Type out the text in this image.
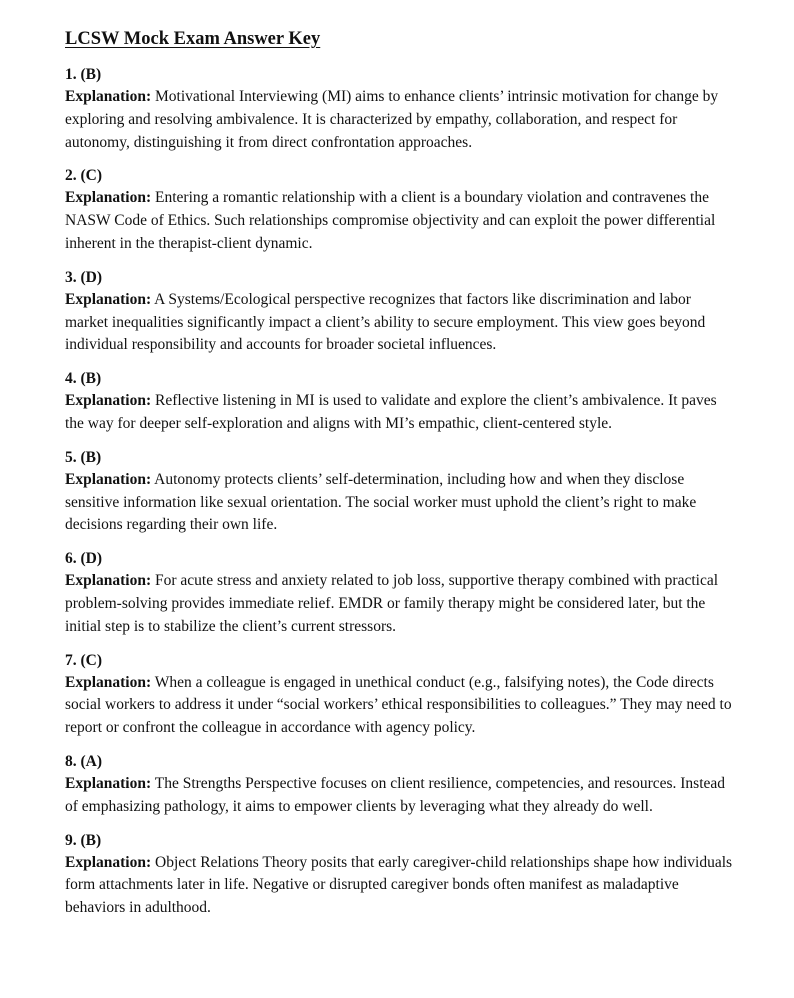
LCSW Mock Exam Answer Key

1. (B)

Explanation: Motivational Interviewing (MI) aims to enhance clients’ intrinsic motivation for change by exploring and resolving ambivalence. It is characterized by empathy, collaboration, and respect for autonomy, distinguishing it from direct confrontation approaches.

2. (C)

Explanation: Entering a romantic relationship with a client is a boundary violation and contravenes the NASW Code of Ethics. Such relationships compromise objectivity and can exploit the power differential inherent in the therapist-client dynamic.

3. (D)

Explanation: A Systems/Ecological perspective recognizes that factors like discrimination and labor market inequalities significantly impact a client’s ability to secure employment. This view goes beyond individual responsibility and accounts for broader societal influences.

4. (B)

Explanation: Reflective listening in MI is used to validate and explore the client’s ambivalence. It paves the way for deeper self-exploration and aligns with MI’s empathic, client-centered style.

5. (B)

Explanation: Autonomy protects clients’ self-determination, including how and when they disclose sensitive information like sexual orientation. The social worker must uphold the client’s right to make decisions regarding their own life.

6. (D)

Explanation: For acute stress and anxiety related to job loss, supportive therapy combined with practical problem-solving provides immediate relief. EMDR or family therapy might be considered later, but the initial step is to stabilize the client’s current stressors.

7. (C)

Explanation: When a colleague is engaged in unethical conduct (e.g., falsifying notes), the Code directs social workers to address it under “social workers’ ethical responsibilities to colleagues.” They may need to report or confront the colleague in accordance with agency policy.

8. (A)

Explanation: The Strengths Perspective focuses on client resilience, competencies, and resources. Instead of emphasizing pathology, it aims to empower clients by leveraging what they already do well.

9. (B)

Explanation: Object Relations Theory posits that early caregiver-child relationships shape how individuals form attachments later in life. Negative or disrupted caregiver bonds often manifest as maladaptive behaviors in adulthood.
